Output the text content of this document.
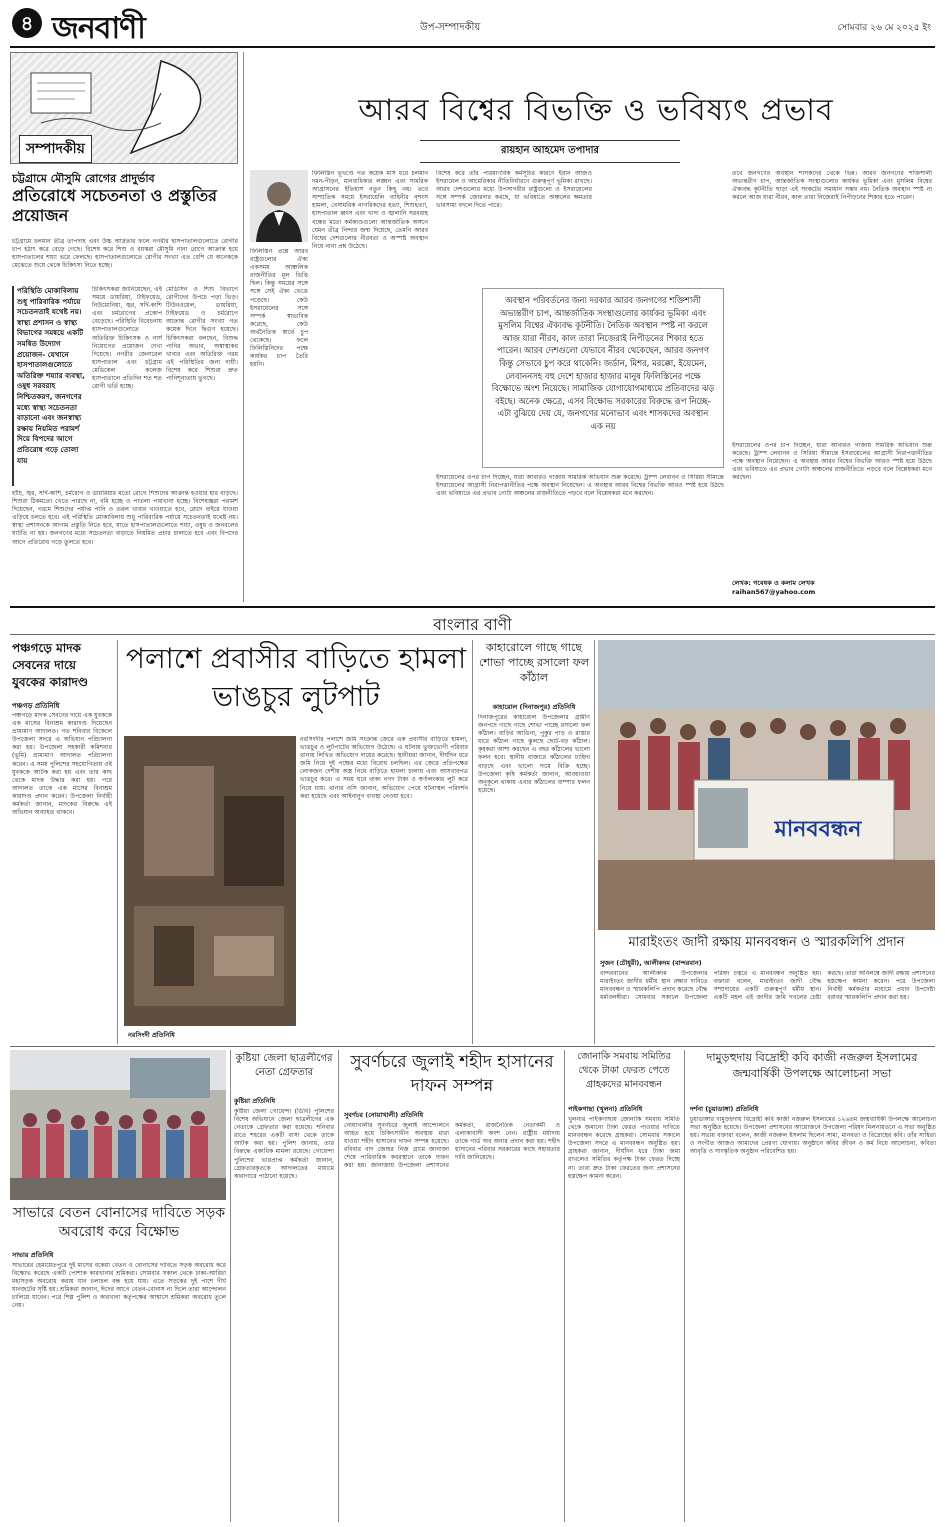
৪ জনবাণী	উপ-সম্পাদকীয়	সোমবার ২৬ মে ২০২৫ ইং
সম্পাদকীয়
চট্টগ্রামে মৌসুমি রোগের প্রাদুর্ভাব
প্রতিরোধে সচেতনতা ও প্রস্তুতির প্রয়োজন
চট্টগ্রামে চলমান তীব্র তাপদাহ এবং উচ্চ আর্দ্রতার ফলে নগরীর হাসপাতালগুলোতে রোগীর চাপ হঠাৎ করে বেড়ে গেছে। বিশেষ করে শিশু ও বয়স্করা মৌসুমি নানা রোগে আক্রান্ত হয়ে হাসপাতালের শয্যা ভরে ফেলছে। হাসপাতালগুলোতে রোগীর সংখ্যা এত বেশি যে অনেককে মেঝেতে শুয়ে থেকে চিকিৎসা নিতে হচ্ছে।
পরিস্থিতি মোকাবিলায় শুধু পারিবারিক পর্যায়ে সচেতনতাই যথেষ্ট নয়। স্বাস্থ্য প্রশাসন ও স্বাস্থ্য বিভাগের সমন্বয়ে একটি সমন্বিত উদ্যোগ প্রয়োজন- যেখানে হাসপাতালগুলোতে অতিরিক্ত শয্যার ব্যবস্থা, ওষুধ সরবরাহ নিশ্চিতকরণ, জনগণের মধ্যে স্বাস্থ্য সচেতনতা বাড়ানো এবং জনস্বাস্থ্য রক্ষায় নিয়মিত পরামর্শ দিয়ে বিপদের আগে প্রতিরোধ গড়ে তোলা যায়
চিকিৎসকরা জানিয়েছেন, এই সময়ে ডায়রিয়া, টাইফয়েড, নিউমোনিয়া, জ্বর, সর্দি-কাশি এবং চর্মরোগের প্রকোপ বেড়েছে। পরিস্থিতি বিবেচনায় হাসপাতালগুলোতে অতিরিক্ত চিকিৎসক ও নার্স নিয়োগের প্রয়োজন দেখা দিয়েছে। নগরীর জেনারেল হাসপাতাল এবং চট্টগ্রাম মেডিকেল কলেজ হাসপাতালে প্রতিদিন শত শত রোগী ভর্তি হচ্ছে।
মেডিসিন ও শিশু বিভাগে রোগীদের উপচে পড়া ভিড়। টিউবওয়েল, ডায়রিয়া, টাইফয়েড ও চর্মরোগে আক্রান্ত রোগীর সংখ্যা গত কয়েক দিনে দ্বিগুণ হয়েছে। চিকিৎসকরা বলছেন, বিশুদ্ধ পানির অভাব, অস্বাস্থ্যকর খাবার এবং অতিরিক্ত গরম এই পরিস্থিতির জন্য দায়ী। বিশেষ করে শিশুরা দ্রুত পানিশূন্যতায় ভুগছে।
হাঁচি, জ্বর, সর্দি-কাশি, চর্মরোগ ও ডায়রিয়ার মতো রোগে শিশুদের আক্রান্ত হওয়ার হার বাড়ছে। শিশুরা ঠিকমতো খেতে পারছে না, বমি হচ্ছে ও পাতলা পায়খানা হচ্ছে। বিশেষজ্ঞরা পরামর্শ দিয়েছেন, গরমে শিশুদের পর্যাপ্ত পানি ও তরল খাবার খাওয়াতে হবে, রোদে বাইরে যাওয়া এড়িয়ে চলতে হবে। এই পরিস্থিতি মোকাবিলায় শুধু পারিবারিক পর্যায়ে সচেতনতাই যথেষ্ট নয়। স্বাস্থ্য প্রশাসনকে আগাম প্রস্তুতি নিতে হবে, যাতে হাসপাতালগুলোতে শয্যা, ওষুধ ও জনবলের ঘাটতি না হয়। জনগণের মধ্যে সচেতনতা বাড়াতে নিয়মিত প্রচার চালাতে হবে এবং বিপদের আগে প্রতিরোধ গড়ে তুলতে হবে।
আরব বিশ্বের বিভক্তি ও ভবিষ্যৎ প্রভাব
রায়হান আহমেদ তপাদার
ফিলিস্তিন ভূখণ্ডে গত কয়েক মাস ধরে চলমান দমন-পীড়ন, মানবাধিকার লঙ্ঘন এবং সামরিক আগ্রাসনের ইতিহাস নতুন কিছু নয়। তবে সাম্প্রতিক সময়ে ইসরায়েলি বাহিনীর নৃশংস হামলা, বেসামরিক নাগরিকদের হত্যা, শিশুহত্যা, হাসপাতাল ধ্বংস এবং খাদ্য ও জ্বালানি সরবরাহ বন্ধের মতো কর্মকাণ্ডগুলো আন্তর্জাতিক অঙ্গনে যেমন তীব্র নিন্দার জন্ম দিয়েছে, তেমনি আরব বিশ্বের দেশগুলোর নীরবতা ও অস্পষ্ট অবস্থান নিয়ে নানা প্রশ্ন উঠেছে।
ফিলিস্তিন প্রশ্নে আরব রাষ্ট্রগুলোর ঐক্য একসময় আঞ্চলিক রাজনীতির মূল ভিত্তি ছিল। কিন্তু সময়ের সঙ্গে সঙ্গে সেই ঐক্য ভেঙে পড়েছে। কেউ ইসরায়েলের সঙ্গে সম্পর্ক স্বাভাবিক করেছে, কেউ অর্থনৈতিক স্বার্থে চুপ থেকেছে। ফলে ফিলিস্তিনিদের পক্ষে কার্যকর চাপ তৈরি হয়নি।
বিশেষ করে তাঁর পারমাণবিক কর্মসূচির কারণে ইরান আজও ইসরায়েল ও আমেরিকার নীতিনির্ধারণে গুরুত্বপূর্ণ ভূমিকা রাখছে। আরব দেশগুলোর মধ্যে উপসাগরীয় রাষ্ট্রগুলো ও ইসরায়েলের সঙ্গে সম্পর্ক জোরদার করছে, যা ভবিষ্যতে অঞ্চলের ক্ষমতার ভারসাম্য বদলে দিতে পারে।
অবস্থান পরিবর্তনের জন্য দরকার আরব জনগণের শক্তিশালী অভ্যন্তরীণ চাপ, আন্তর্জাতিক সংস্থাগুলোর কার্যকর ভূমিকা এবং মুসলিম বিশ্বের ঐক্যবদ্ধ কূটনীতি। নৈতিক অবস্থান স্পষ্ট না করলে আজ যারা নীরব, কাল তারা নিজেরাই নিপীড়নের শিকার হতে পারেন। আরব দেশগুলো যেভাবে নীরব থেকেছেন, আরব জনগণ কিন্তু সেভাবে চুপ করে থাকেনি। জর্ডান, মিশর, মরক্কো, ইয়েমেন, লেবাননসহ বহু দেশে হাজার হাজার মানুষ ফিলিস্তিনের পক্ষে বিক্ষোভে অংশ নিয়েছে। সামাজিক যোগাযোগমাধ্যমে প্রতিবাদের ঝড় বইছে। অনেক ক্ষেত্রে, এসব বিক্ষোভ সরকারের বিরুদ্ধে রূপ নিচ্ছে-এটা বুঝিয়ে দেয় যে, জনগণের মনোভাব এবং শাসকদের অবস্থান এক নয়
ইসরায়েলের ওপর চাপ দিচ্ছেন, যারা আবারও গাজায় সামরিক অভিযান শুরু করেছে। ট্রাম্প লেবানন ও সিরিয়া সীমান্তে ইসরায়েলের আগ্রাসী নিরাপত্তানীতির পক্ষে অবস্থান নিয়েছেন। এ অবস্থায় আরব বিশ্বের বিভক্তি আরও স্পষ্ট হয়ে উঠছে এবং ভবিষ্যতে এর প্রভাব গোটা অঞ্চলের রাজনীতিতে পড়বে বলে বিশ্লেষকরা মনে করছেন।
তবে জনগণের অবস্থান শাসকদের থেকে ভিন্ন। আরব জনগণের শক্তিশালী অভ্যন্তরীণ চাপ, আন্তর্জাতিক সংস্থাগুলোর কার্যকর ভূমিকা এবং মুসলিম বিশ্বের ঐক্যবদ্ধ কূটনীতি ছাড়া এই সংকটের সমাধান সম্ভব নয়। নৈতিক অবস্থান স্পষ্ট না করলে আজ যারা নীরব, কাল তারা নিজেরাই নিপীড়নের শিকার হতে পারেন।
ইসরায়েলের ওপর চাপ দিচ্ছেন, যারা আবারও গাজায় সামরিক অভিযান শুরু করেছে। ট্রাম্প লেবানন ও সিরিয়া সীমান্তে ইসরায়েলের আগ্রাসী নিরাপত্তানীতির পক্ষে অবস্থান নিয়েছেন। এ অবস্থায় আরব বিশ্বের বিভক্তি আরও স্পষ্ট হয়ে উঠছে এবং ভবিষ্যতে এর প্রভাব গোটা অঞ্চলের রাজনীতিতে পড়বে বলে বিশ্লেষকরা মনে করছেন।
লেখক: গবেষক ও কলাম লেখক
raihan567@yahoo.com
বাংলার বাণী
পঞ্চগড়ে মাদক সেবনের দায়ে যুবকের কারাদণ্ড
পঞ্চগড় প্রতিনিধি
পঞ্চগড়ে মাদক সেবনের দায়ে এক যুবককে এক মাসের বিনাশ্রম কারাদণ্ড দিয়েছেন ভ্রাম্যমাণ আদালত। গত শনিবার বিকেলে উপজেলা সদরে এ অভিযান পরিচালনা করা হয়। উপজেলা সহকারী কমিশনার (ভূমি) ভ্রাম্যমাণ আদালত পরিচালনা করেন। এ সময় পুলিশের সহযোগিতায় ওই যুবককে আটক করা হয় এবং তার কাছ থেকে মাদক উদ্ধার করা হয়। পরে আদালত তাকে এক মাসের বিনাশ্রম কারাদণ্ড প্রদান করেন। উপজেলা নির্বাহী কর্মকর্তা জানান, মাদকের বিরুদ্ধে এই অভিযান অব্যাহত থাকবে।
পলাশে প্রবাসীর বাড়িতে হামলা ভাঙচুর লুটপাট
নরসিংদী প্রতিনিধি
নরসিংদীর পলাশে জমি সংক্রান্ত জেরে এক প্রবাসীর বাড়িতে হামলা, ভাঙচুর ও লুটপাটের অভিযোগ উঠেছে। এ ঘটনায় ভুক্তভোগী পরিবার থানায় লিখিত অভিযোগ দায়ের করেছে। স্থানীয়রা জানান, দীর্ঘদিন ধরে জমি নিয়ে দুই পক্ষের মধ্যে বিরোধ চলছিল। এর জেরে প্রতিপক্ষের লোকজন দেশীয় অস্ত্র নিয়ে বাড়িতে হামলা চালায় এবং আসবাবপত্র ভাঙচুর করে। এ সময় ঘরে থাকা নগদ টাকা ও স্বর্ণালংকার লুট করে নিয়ে যায়। থানার ওসি জানান, অভিযোগ পেয়ে ঘটনাস্থল পরিদর্শন করা হয়েছে এবং আইনানুগ ব্যবস্থা নেওয়া হবে।
কাহারোলে গাছে গাছে শোভা পাচ্ছে রসালো ফল কাঁঠাল
কাহারোল (দিনাজপুর) প্রতিনিধি
দিনাজপুরের কাহারোল উপজেলার গ্রামীণ জনপদে গাছে গাছে শোভা পাচ্ছে রসালো ফল কাঁঠাল। বাড়ির আঙিনা, পুকুর পাড় ও রাস্তার ধারে কাঁঠাল গাছে ঝুলছে ছোট-বড় কাঁঠাল। কৃষকরা আশা করছেন এ বছর কাঁঠালের ভালো ফলন হবে। স্থানীয় বাজারে কাঁঠালের চাহিদা বাড়ছে এবং ভালো দামে বিক্রি হচ্ছে। উপজেলা কৃষি কর্মকর্তা জানান, আবহাওয়া অনুকূলে থাকায় এবার কাঁঠালের বাম্পার ফলন হয়েছে।
মানববন্ধন
মারাইংতং জাদী রক্ষায় মানববন্ধন ও স্মারকলিপি প্রদান
সুজন (চৌধুরী), আলীকদম (বান্দরবান)
বান্দরবানের আলীকদম উপজেলার মারাইংতং জাদীর ধর্মীয় স্থান রক্ষার দাবিতে মানববন্ধন ও স্মারকলিপি প্রদান করেছে বৌদ্ধ ধর্মাবলম্বীরা। সোমবার সকালে উপজেলা পরিষদ চত্বরে এ মানববন্ধন অনুষ্ঠিত হয়। বক্তারা বলেন, মারাইংতং জাদী বৌদ্ধ সম্প্রদায়ের একটি গুরুত্বপূর্ণ ধর্মীয় স্থান। একটি মহল এই জাদীর জমি দখলের চেষ্টা করছে। তারা অবিলম্বে জাদী রক্ষায় প্রশাসনের হস্তক্ষেপ কামনা করেন। পরে উপজেলা নির্বাহী কর্মকর্তার মাধ্যমে প্রধান উপদেষ্টা বরাবর স্মারকলিপি প্রদান করা হয়।
সাভারে বেতন বোনাসের দাবিতে সড়ক অবরোধ করে বিক্ষোভ
সাভার প্রতিনিধি
সাভারের হেমায়েতপুরে দুই মাসের বকেয়া বেতন ও বোনাসের দাবিতে সড়ক অবরোধ করে বিক্ষোভ করেছে একটি পোশাক কারখানার শ্রমিকরা। সোমবার সকাল থেকে ঢাকা-আরিচা মহাসড়ক অবরোধ করায় যান চলাচল বন্ধ হয়ে যায়। এতে সড়কের দুই পাশে দীর্ঘ যানজটের সৃষ্টি হয়। শ্রমিকরা জানান, ঈদের আগে বেতন-বোনাস না দিলে তারা আন্দোলন চালিয়ে যাবেন। পরে শিল্প পুলিশ ও কারখানা কর্তৃপক্ষের আশ্বাসে শ্রমিকরা অবরোধ তুলে নেয়।
কুষ্টিয়া জেলা ছাত্রলীগের নেতা গ্রেফতার
কুষ্টিয়া প্রতিনিধি
কুষ্টিয়া জেলা গোয়েন্দা (ডিবি) পুলিশের বিশেষ অভিযানে জেলা ছাত্রলীগের এক নেতাকে গ্রেফতার করা হয়েছে। শনিবার রাতে শহরের একটি বাসা থেকে তাকে আটক করা হয়। পুলিশ জানায়, তার বিরুদ্ধে একাধিক মামলা রয়েছে। গোয়েন্দা পুলিশের ভারপ্রাপ্ত কর্মকর্তা জানান, গ্রেফতারকৃতকে আদালতের মাধ্যমে কারাগারে পাঠানো হয়েছে।
সুবর্ণচরে জুলাই শহীদ হাসানের দাফন সম্পন্ন
সুবর্ণচর (নোয়াখালী) প্রতিনিধি
নোয়াখালীর সুবর্ণচরে জুলাই আন্দোলনে আহত হয়ে চিকিৎসাধীন অবস্থায় মারা যাওয়া শহীদ হাসানের দাফন সম্পন্ন হয়েছে। রবিবার বাদ জোহর নিজ গ্রামে জানাজা শেষে পারিবারিক কবরস্থানে তাকে দাফন করা হয়। জানাজায় উপজেলা প্রশাসনের কর্মকর্তা, রাজনৈতিক নেতাকর্মী ও এলাকাবাসী অংশ নেন। রাষ্ট্রীয় মর্যাদায় তাকে গার্ড অব অনার প্রদান করা হয়। শহীদ হাসানের পরিবার সরকারের কাছে সহায়তার দাবি জানিয়েছে।
জোনাকি সমবায় সমিতির থেকে টাকা ফেরত পেতে গ্রাহকদের মানববন্ধন
পাইকগাছা (খুলনা) প্রতিনিধি
খুলনার পাইকগাছায় জোনাকি সমবায় সমিতি থেকে জমানো টাকা ফেরত পাওয়ার দাবিতে মানববন্ধন করেছে গ্রাহকরা। সোমবার সকালে উপজেলা সদরে এ মানববন্ধন অনুষ্ঠিত হয়। গ্রাহকরা জানান, দীর্ঘদিন ধরে টাকা জমা রাখলেও সমিতির কর্তৃপক্ষ টাকা ফেরত দিচ্ছে না। তারা দ্রুত টাকা ফেরতের জন্য প্রশাসনের হস্তক্ষেপ কামনা করেন।
দামুড়হুদায় বিদ্রোহী কবি কাজী নজরুল ইসলামের জন্মবার্ষিকী উপলক্ষে আলোচনা সভা
দর্শনা (চুয়াডাঙ্গা) প্রতিনিধি
চুয়াডাঙ্গার দামুড়হুদায় বিদ্রোহী কবি কাজী নজরুল ইসলামের ১২৬তম জন্মবার্ষিকী উপলক্ষে আলোচনা সভা অনুষ্ঠিত হয়েছে। উপজেলা প্রশাসনের আয়োজনে উপজেলা পরিষদ মিলনায়তনে এ সভা অনুষ্ঠিত হয়। সভায় বক্তারা বলেন, কাজী নজরুল ইসলাম ছিলেন সাম্য, মানবতা ও বিদ্রোহের কবি। তাঁর সাহিত্য ও সংগীত আজও আমাদের প্রেরণা যোগায়। অনুষ্ঠানে কবির জীবন ও কর্ম নিয়ে আলোচনা, কবিতা আবৃত্তি ও সাংস্কৃতিক অনুষ্ঠান পরিবেশিত হয়।
